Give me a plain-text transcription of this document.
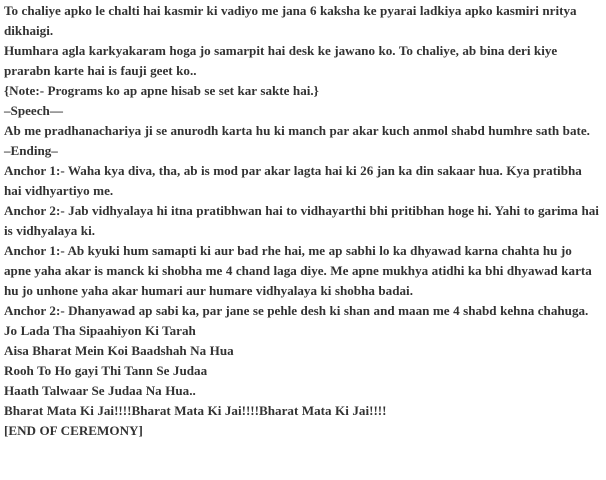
To chaliye apko le chalti hai kasmir ki vadiyo me jana 6 kaksha ke pyarai ladkiya apko kasmiri nritya dikhaigi.

Humhara agla karkyakaram hoga jo samarpit hai desk ke jawano ko. To chaliye, ab bina deri kiye prarabn karte hai is fauji geet ko..

{Note:- Programs ko ap apne hisab se set kar sakte hai.}

–Speech—

Ab me pradhanachariya ji se anurodh karta hu ki manch par akar kuch anmol shabd humhre sath bate.

–Ending–

Anchor 1:- Waha kya diva, tha, ab is mod par akar lagta hai ki 26 jan ka din sakaar hua. Kya pratibha hai vidhyartiyo me.

Anchor 2:- Jab vidhyalaya hi itna pratibhwan hai to vidhayarthi bhi pritibhan hoge hi. Yahi to garima hai is vidhyalaya ki.

Anchor 1:- Ab kyuki hum samapti ki aur bad rhe hai, me ap sabhi lo ka dhyawad karna chahta hu jo apne yaha akar is manck ki shobha me 4 chand laga diye. Me apne mukhya atidhi ka bhi dhyawad karta hu jo unhone yaha akar humari aur humare vidhyalaya ki shobha badai.

Anchor 2:- Dhanyawad ap sabi ka, par jane se pehle desh ki shan and maan me 4 shabd kehna chahuga.

Jo Lada Tha Sipaahiyon Ki Tarah

Aisa Bharat Mein Koi Baadshah Na Hua

Rooh To Ho gayi Thi Tann Se Judaa

Haath Talwaar Se Judaa Na Hua..

Bharat Mata Ki Jai!!!!Bharat Mata Ki Jai!!!!Bharat Mata Ki Jai!!!!

[END OF CEREMONY]
